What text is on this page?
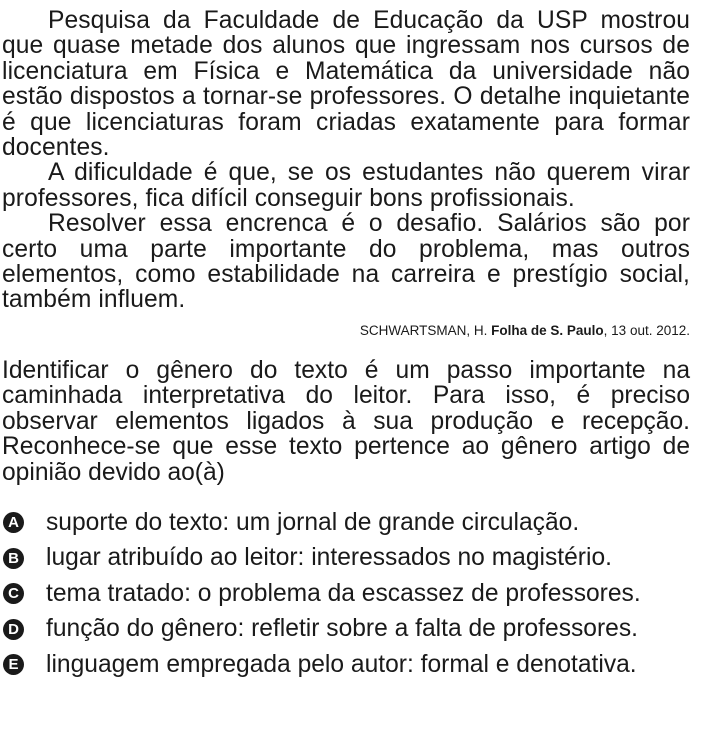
Pesquisa da Faculdade de Educação da USP mostrou que quase metade dos alunos que ingressam nos cursos de licenciatura em Física e Matemática da universidade não estão dispostos a tornar-se professores. O detalhe inquietante é que licenciaturas foram criadas exatamente para formar docentes.

A dificuldade é que, se os estudantes não querem virar professores, fica difícil conseguir bons profissionais.

Resolver essa encrenca é o desafio. Salários são por certo uma parte importante do problema, mas outros elementos, como estabilidade na carreira e prestígio social, também influem.

SCHWARTSMAN, H. Folha de S. Paulo, 13 out. 2012.
Identificar o gênero do texto é um passo importante na caminhada interpretativa do leitor. Para isso, é preciso observar elementos ligados à sua produção e recepção. Reconhece-se que esse texto pertence ao gênero artigo de opinião devido ao(à)
A suporte do texto: um jornal de grande circulação.
B lugar atribuído ao leitor: interessados no magistério.
C tema tratado: o problema da escassez de professores.
D função do gênero: refletir sobre a falta de professores.
E linguagem empregada pelo autor: formal e denotativa.
